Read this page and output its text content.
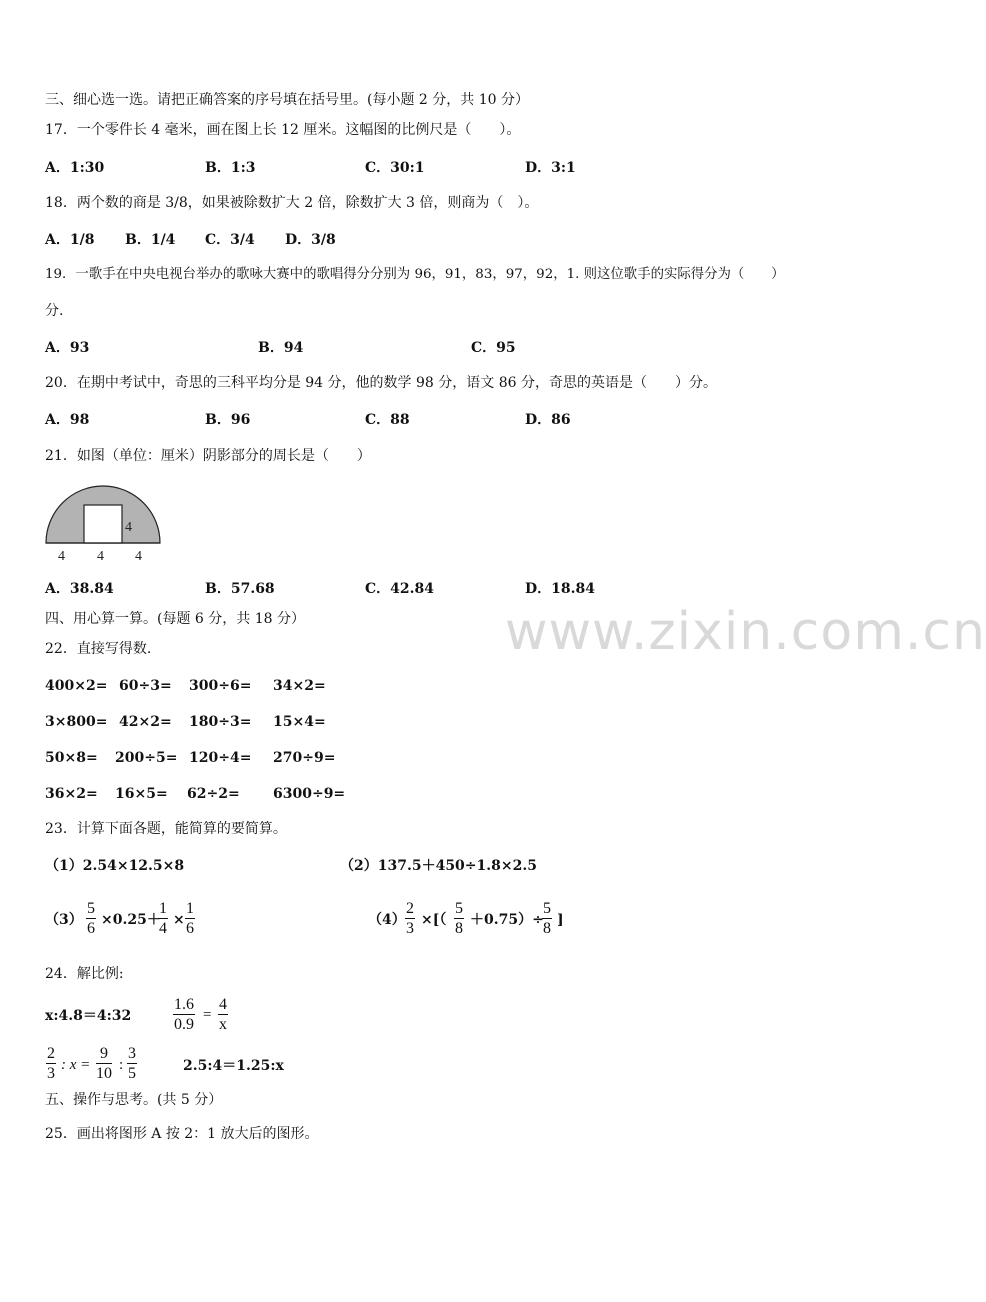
www.zixin.com.cn
三、细心选一选。请把正确答案的序号填在括号里。(每小题 2 分，共 10 分）
17．一个零件长 4 毫米，画在图上长 12 厘米。这幅图的比例尺是（　　）。
A．1:30	B．1:3	C．30:1	D．3:1
18．两个数的商是 3/8，如果被除数扩大 2 倍，除数扩大 3 倍，则商为（　）。
A．1/8 B．1/4 C．3/4 D．3/8
19．一歌手在中央电视台举办的歌咏大赛中的歌唱得分分别为 96，91，83，97，92，1. 则这位歌手的实际得分为（　　）
分.
A．93	B．94	C．95
20．在期中考试中，奇思的三科平均分是 94 分，他的数学 98 分，语文 86 分，奇思的英语是（　　）分。
A．98	B．96	C．88	D．86
21．如图（单位：厘米）阴影部分的周长是（　　）
4
4 4 4
A．38.84	B．57.68	C．42.84	D．18.84
四、用心算一算。(每题 6 分，共 18 分）
22．直接写得数.
400×2= 60÷3= 300÷6= 34×2=
3×800= 42×2= 180÷3= 15×4=
50×8= 200÷5= 120÷4= 270÷9=
36×2= 16×5= 62÷2= 6300÷9=
23．计算下面各题，能简算的要简算。
（1）2.54×12.5×8	（2）137.5＋450÷1.8×2.5
（3）
5
6 ×0.25＋
1
4 ×
1
6	（4）
2
3 ×[（
5
8 ＋0.75）÷
5
8 ]
24．解比例:
x:4.8＝4:32
1.6
0.9
=
4
x
2
3 : x =
9
10 :
3
5	2.5:4＝1.25:x
五、操作与思考。(共 5 分）
25．画出将图形 A 按 2：1 放大后的图形。
